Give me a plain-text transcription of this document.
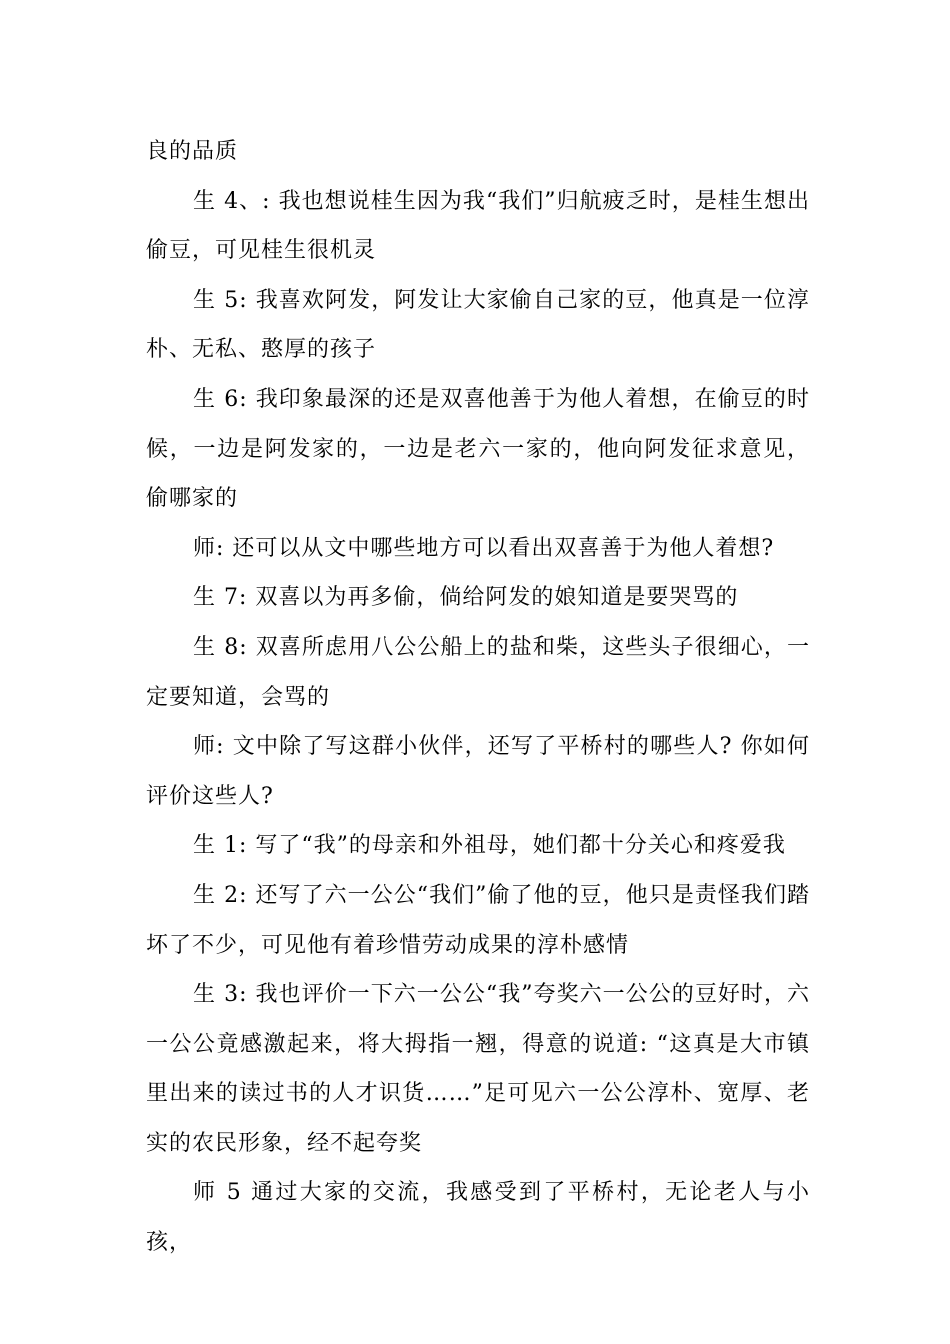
良的品质

生 4、: 我也想说桂生因为我“我们”归航疲乏时，是桂生想出偷豆，可见桂生很机灵

生 5: 我喜欢阿发，阿发让大家偷自己家的豆，他真是一位淳朴、无私、憨厚的孩子

生 6: 我印象最深的还是双喜他善于为他人着想，在偷豆的时候，一边是阿发家的，一边是老六一家的，他向阿发征求意见，偷哪家的

师: 还可以从文中哪些地方可以看出双喜善于为他人着想?

生 7: 双喜以为再多偷，倘给阿发的娘知道是要哭骂的

生 8: 双喜所虑用八公公船上的盐和柴，这些头子很细心，一定要知道，会骂的

师: 文中除了写这群小伙伴，还写了平桥村的哪些人? 你如何评价这些人?

生 1: 写了“我”的母亲和外祖母，她们都十分关心和疼爱我

生 2: 还写了六一公公“我们”偷了他的豆，他只是责怪我们踏坏了不少，可见他有着珍惜劳动成果的淳朴感情

生 3: 我也评价一下六一公公“我”夸奖六一公公的豆好时，六一公公竟感激起来，将大拇指一翘，得意的说道: “这真是大市镇里出来的读过书的人才识货……”足可见六一公公淳朴、宽厚、老实的农民形象，经不起夸奖

师 5 通过大家的交流，我感受到了平桥村，无论老人与小孩，
